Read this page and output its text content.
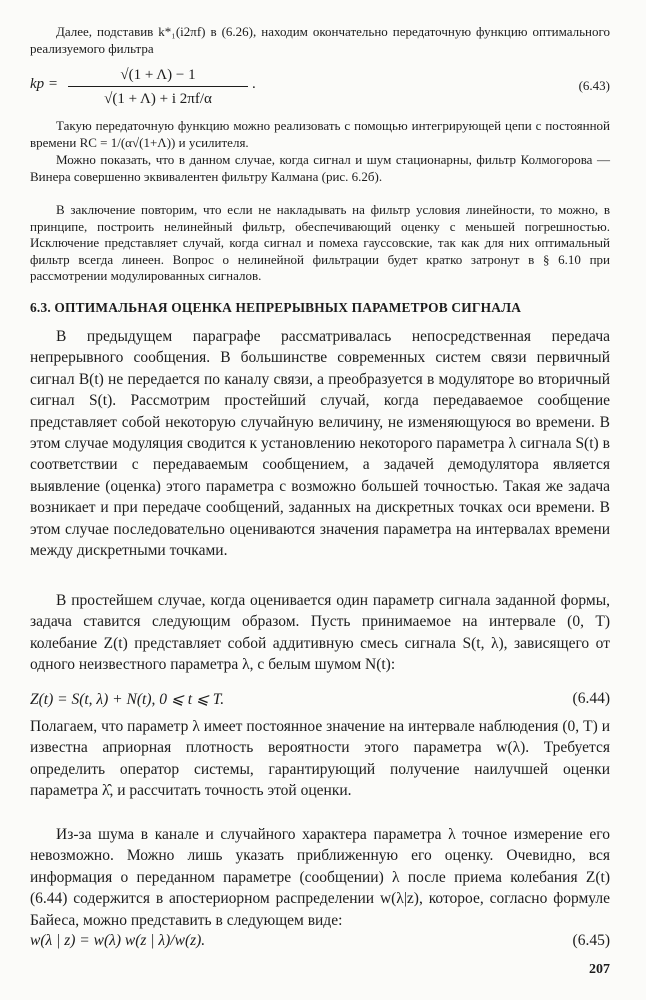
Далее, подставив k*₁(i2πf) в (6.26), находим окончательно передаточную функцию оптимального реализуемого фильтра

kр =
√(1 + Λ) − 1
√(1 + Λ) + i 2πf/α
.	(6.43)

Такую передаточную функцию можно реализовать с помощью интегрирующей цепи с постоянной времени RC = 1/(α√(1+Λ)) и усилителя.

Можно показать, что в данном случае, когда сигнал и шум стационарны, фильтр Колмогорова — Винера совершенно эквивалентен фильтру Калмана (рис. 6.2б).

В заключение повторим, что если не накладывать на фильтр условия линейности, то можно, в принципе, построить нелинейный фильтр, обеспечивающий оценку с меньшей погрешностью. Исключение представляет случай, когда сигнал и помеха гауссовские, так как для них оптимальный фильтр всегда линеен. Вопрос о нелинейной фильтрации будет кратко затронут в § 6.10 при рассмотрении модулированных сигналов.

6.3. ОПТИМАЛЬНАЯ ОЦЕНКА НЕПРЕРЫВНЫХ ПАРАМЕТРОВ СИГНАЛА

В предыдущем параграфе рассматривалась непосредственная передача непрерывного сообщения. В большинстве современных систем связи первичный сигнал B(t) не передается по каналу связи, а преобразуется в модуляторе во вторичный сигнал S(t). Рассмотрим простейший случай, когда передаваемое сообщение представляет собой некоторую случайную величину, не изменяющуюся во времени. В этом случае модуляция сводится к установлению некоторого параметра λ сигнала S(t) в соответствии с передаваемым сообщением, а задачей демодулятора является выявление (оценка) этого параметра с возможно большей точностью. Такая же задача возникает и при передаче сообщений, заданных на дискретных точках оси времени. В этом случае последовательно оцениваются значения параметра на интервалах времени между дискретными точками.

В простейшем случае, когда оценивается один параметр сигнала заданной формы, задача ставится следующим образом. Пусть принимаемое на интервале (0, T) колебание Z(t) представляет собой аддитивную смесь сигнала S(t, λ), зависящего от одного неизвестного параметра λ, с белым шумом N(t):

Z(t) = S(t, λ) + N(t), 0 ⩽ t ⩽ T.	(6.44)

Полагаем, что параметр λ имеет постоянное значение на интервале наблюдения (0, T) и известна априорная плотность вероятности этого параметра w(λ). Требуется определить оператор системы, гарантирующий получение наилучшей оценки параметра λ̂, и рассчитать точность этой оценки.

Из-за шума в канале и случайного характера параметра λ точное измерение его невозможно. Можно лишь указать приближенную его оценку. Очевидно, вся информация о переданном параметре (сообщении) λ после приема колебания Z(t) (6.44) содержится в апостериорном распределении w(λ|z), которое, согласно формуле Байеса, можно представить в следующем виде:

w(λ | z) = w(λ) w(z | λ)/w(z).	(6.45)
207
